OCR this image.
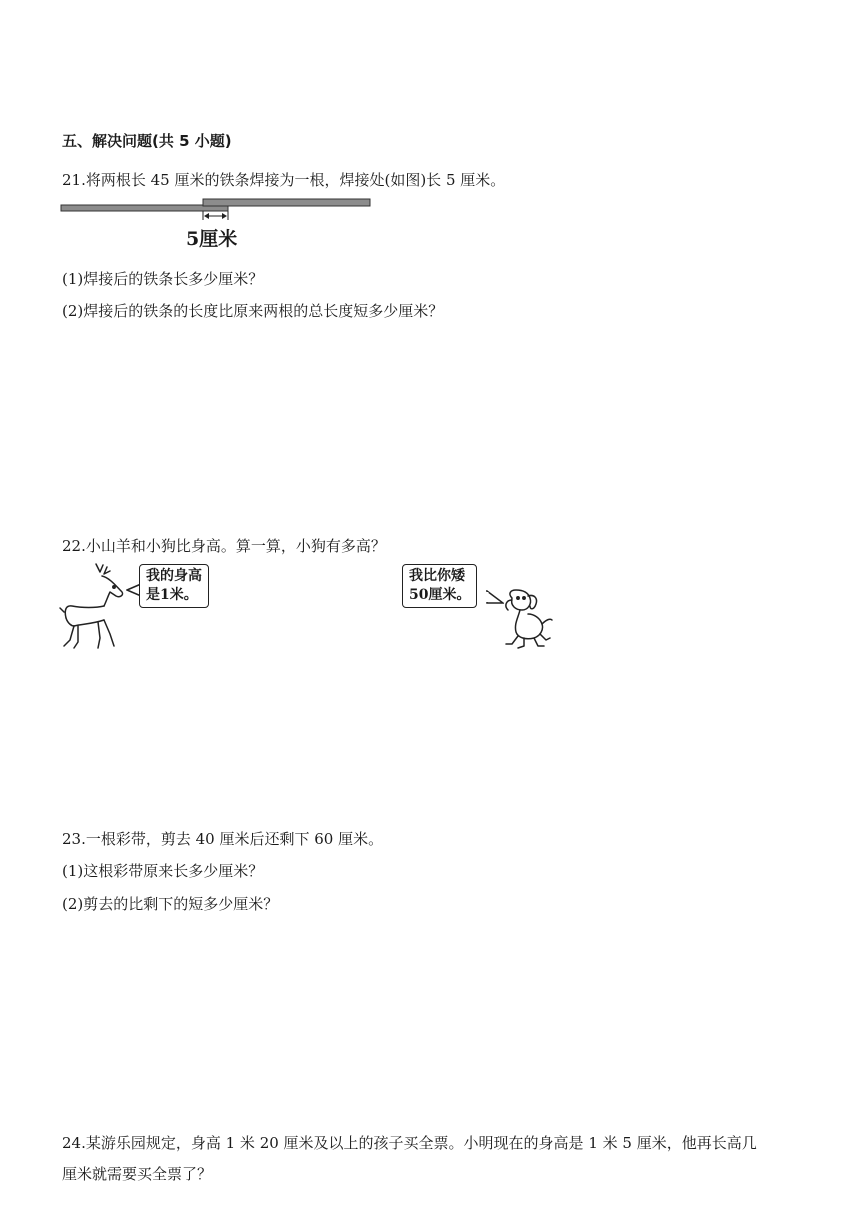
五、解决问题(共 5 小题)
21.将两根长 45 厘米的铁条焊接为一根，焊接处(如图)长 5 厘米。
5厘米
(1)焊接后的铁条长多少厘米？
(2)焊接后的铁条的长度比原来两根的总长度短多少厘米？
22.小山羊和小狗比身高。算一算，小狗有多高？
我的身高
是1米。
我比你矮
50厘米。
23.一根彩带，剪去 40 厘米后还剩下 60 厘米。
(1)这根彩带原来长多少厘米？
(2)剪去的比剩下的短多少厘米？
24.某游乐园规定，身高 1 米 20 厘米及以上的孩子买全票。小明现在的身高是 1 米 5 厘米，他再长高几
厘米就需要买全票了？
